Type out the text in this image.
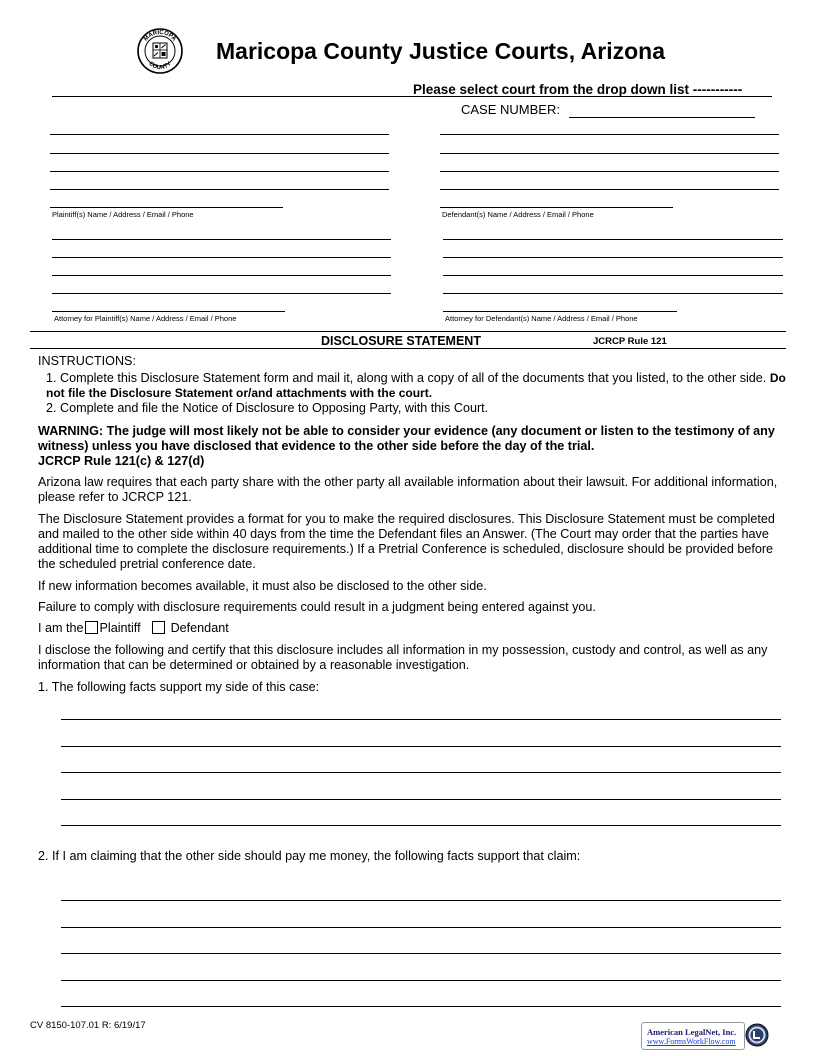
MARICOPA
COUNTY
Maricopa County Justice Courts, Arizona
Please select court from the drop down list -----------
CASE NUMBER:
Plaintiff(s) Name / Address / Email / Phone	Defendant(s) Name / Address / Email / Phone
Attorney for Plaintiff(s) Name / Address / Email / Phone	Attorney for Defendant(s) Name / Address / Email / Phone
DISCLOSURE STATEMENT	JCRCP Rule 121
INSTRUCTIONS:
1. Complete this Disclosure Statement form and mail it, along with a copy of all of the documents that you listed, to the other side. Do not file the Disclosure Statement or/and attachments with the court.
2. Complete and file the Notice of Disclosure to Opposing Party, with this Court.
WARNING: The judge will most likely not be able to consider your evidence (any document or listen to the testimony of any witness) unless you have disclosed that evidence to the other side before the day of the trial.
JCRCP Rule 121(c) & 127(d)
Arizona law requires that each party share with the other party all available information about their lawsuit. For additional information, please refer to JCRCP 121.
The Disclosure Statement provides a format for you to make the required disclosures. This Disclosure Statement must be completed and mailed to the other side within 40 days from the time the Defendant files an Answer. (The Court may order that the parties have additional time to complete the disclosure requirements.) If a Pretrial Conference is scheduled, disclosure should be provided before the scheduled pretrial conference date.
If new information becomes available, it must also be disclosed to the other side.
Failure to comply with disclosure requirements could result in a judgment being entered against you.
I am the Plaintiff Defendant
I disclose the following and certify that this disclosure includes all information in my possession, custody and control, as well as any information that can be determined or obtained by a reasonable investigation.
1. The following facts support my side of this case:
2. If I am claiming that the other side should pay me money, the following facts support that claim:
CV 8150-107.01 R: 6/19/17
American LegalNet, Inc.
www.FormsWorkFlow.com
